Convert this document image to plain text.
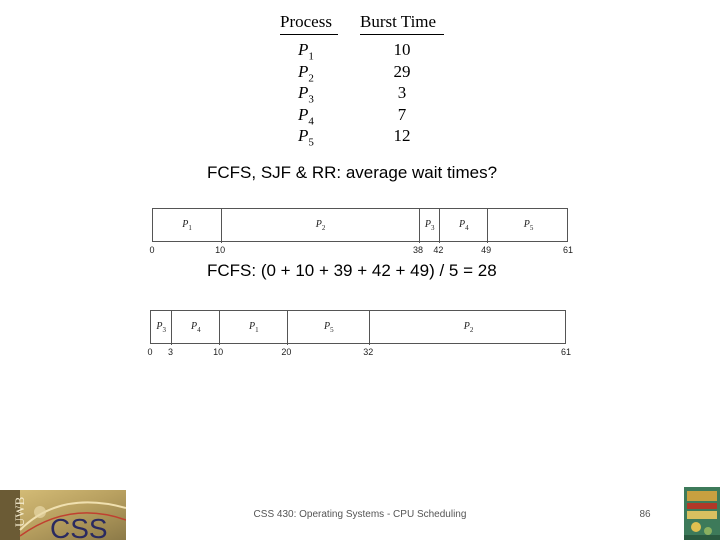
Process Burst Time
$P_1$	10
$P_2$	29
$P_3$	3
$P_4$	7
$P_5$	12
FCFS, SJF & RR: average wait times?
$P_1$	$P_2$	$P_3$	$P_4$	$P_5$
0	10	38 42	49	61
FCFS: (0 + 10 + 39 + 42 + 49) / 5 = 28
$P_3$	$P_4$	$P_1$	$P_5$	$P_2$
0 3	10	20	32	61
UWB
CSS	CSS 430: Operating Systems - CPU Scheduling	86
